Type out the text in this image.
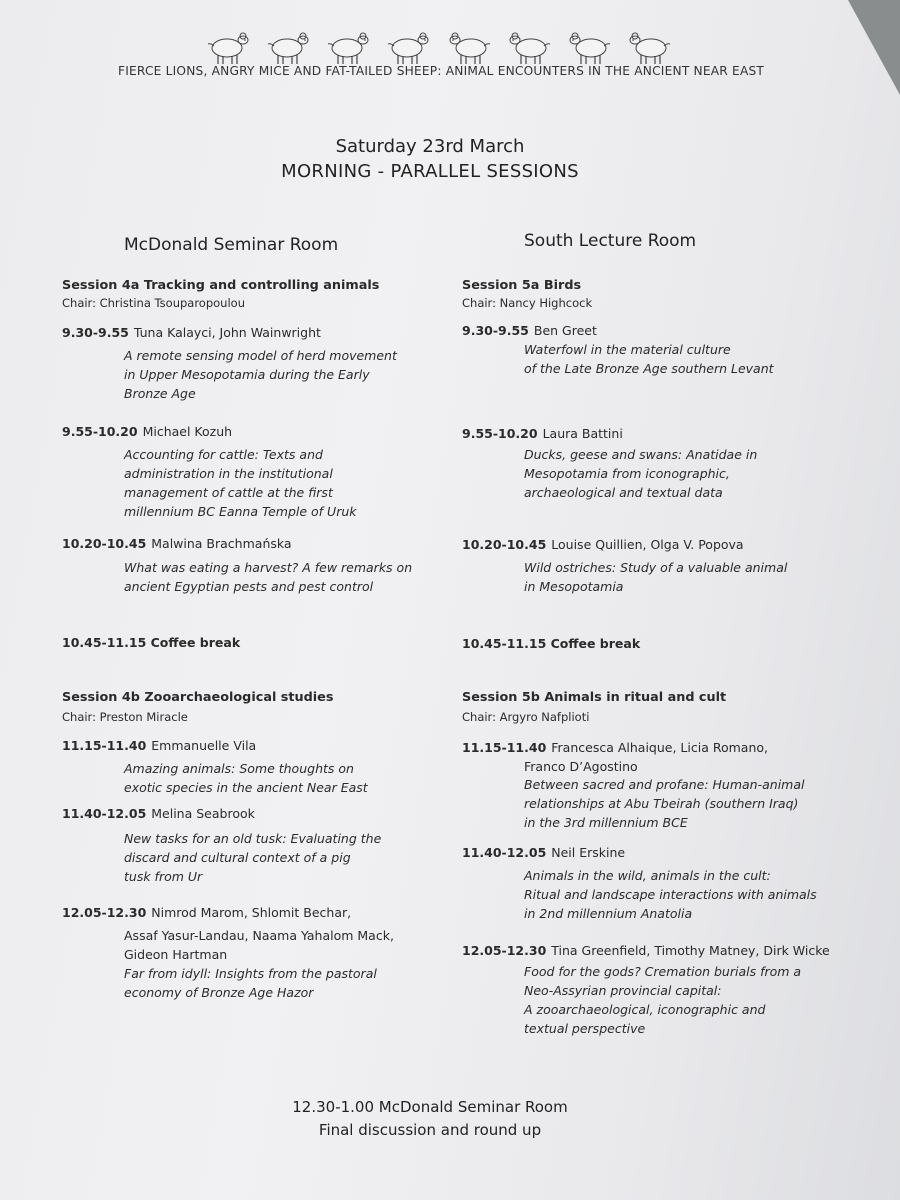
FIERCE LIONS, ANGRY MICE AND FAT-TAILED SHEEP: ANIMAL ENCOUNTERS IN THE ANCIENT NEAR EAST
Saturday 23rd March
MORNING - PARALLEL SESSIONS
McDonald Seminar Room
Session 4a Tracking and controlling animals
Chair: Christina Tsouparopoulou
9.30-9.55 Tuna Kalayci, John Wainwright
A remote sensing model of herd movement
in Upper Mesopotamia during the Early
Bronze Age
9.55-10.20 Michael Kozuh
Accounting for cattle: Texts and
administration in the institutional
management of cattle at the first
millennium BC Eanna Temple of Uruk
10.20-10.45 Malwina Brachmańska
What was eating a harvest? A few remarks on
ancient Egyptian pests and pest control
10.45-11.15 Coffee break
Session 4b Zooarchaeological studies
Chair: Preston Miracle
11.15-11.40 Emmanuelle Vila
Amazing animals: Some thoughts on
exotic species in the ancient Near East
11.40-12.05 Melina Seabrook
New tasks for an old tusk: Evaluating the
discard and cultural context of a pig
tusk from Ur
12.05-12.30 Nimrod Marom, Shlomit Bechar,
Assaf Yasur-Landau, Naama Yahalom Mack,
Gideon Hartman
Far from idyll: Insights from the pastoral
economy of Bronze Age Hazor
South Lecture Room
Session 5a Birds
Chair: Nancy Highcock
9.30-9.55 Ben Greet
Waterfowl in the material culture
of the Late Bronze Age southern Levant
9.55-10.20 Laura Battini
Ducks, geese and swans: Anatidae in
Mesopotamia from iconographic,
archaeological and textual data
10.20-10.45 Louise Quillien, Olga V. Popova
Wild ostriches: Study of a valuable animal
in Mesopotamia
10.45-11.15 Coffee break
Session 5b Animals in ritual and cult
Chair: Argyro Nafplioti
11.15-11.40 Francesca Alhaique, Licia Romano,
Franco D’Agostino
Between sacred and profane: Human-animal
relationships at Abu Tbeirah (southern Iraq)
in the 3rd millennium BCE
11.40-12.05 Neil Erskine
Animals in the wild, animals in the cult:
Ritual and landscape interactions with animals
in 2nd millennium Anatolia
12.05-12.30 Tina Greenfield, Timothy Matney, Dirk Wicke
Food for the gods? Cremation burials from a
Neo-Assyrian provincial capital:
A zooarchaeological, iconographic and
textual perspective
12.30-1.00 McDonald Seminar Room
Final discussion and round up
